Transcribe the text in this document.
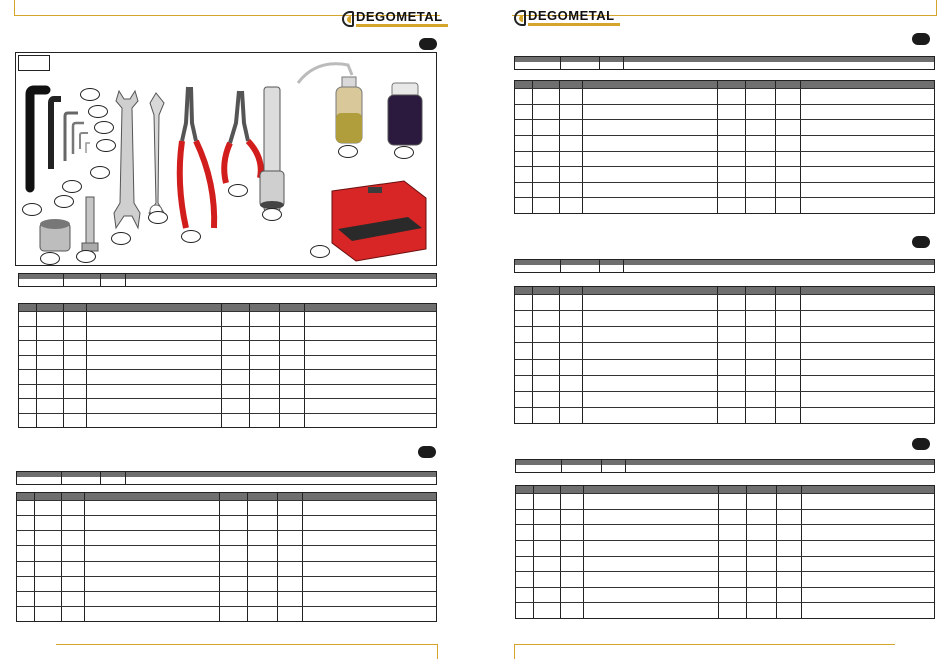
DEGOMETAL	DEGOMETAL
